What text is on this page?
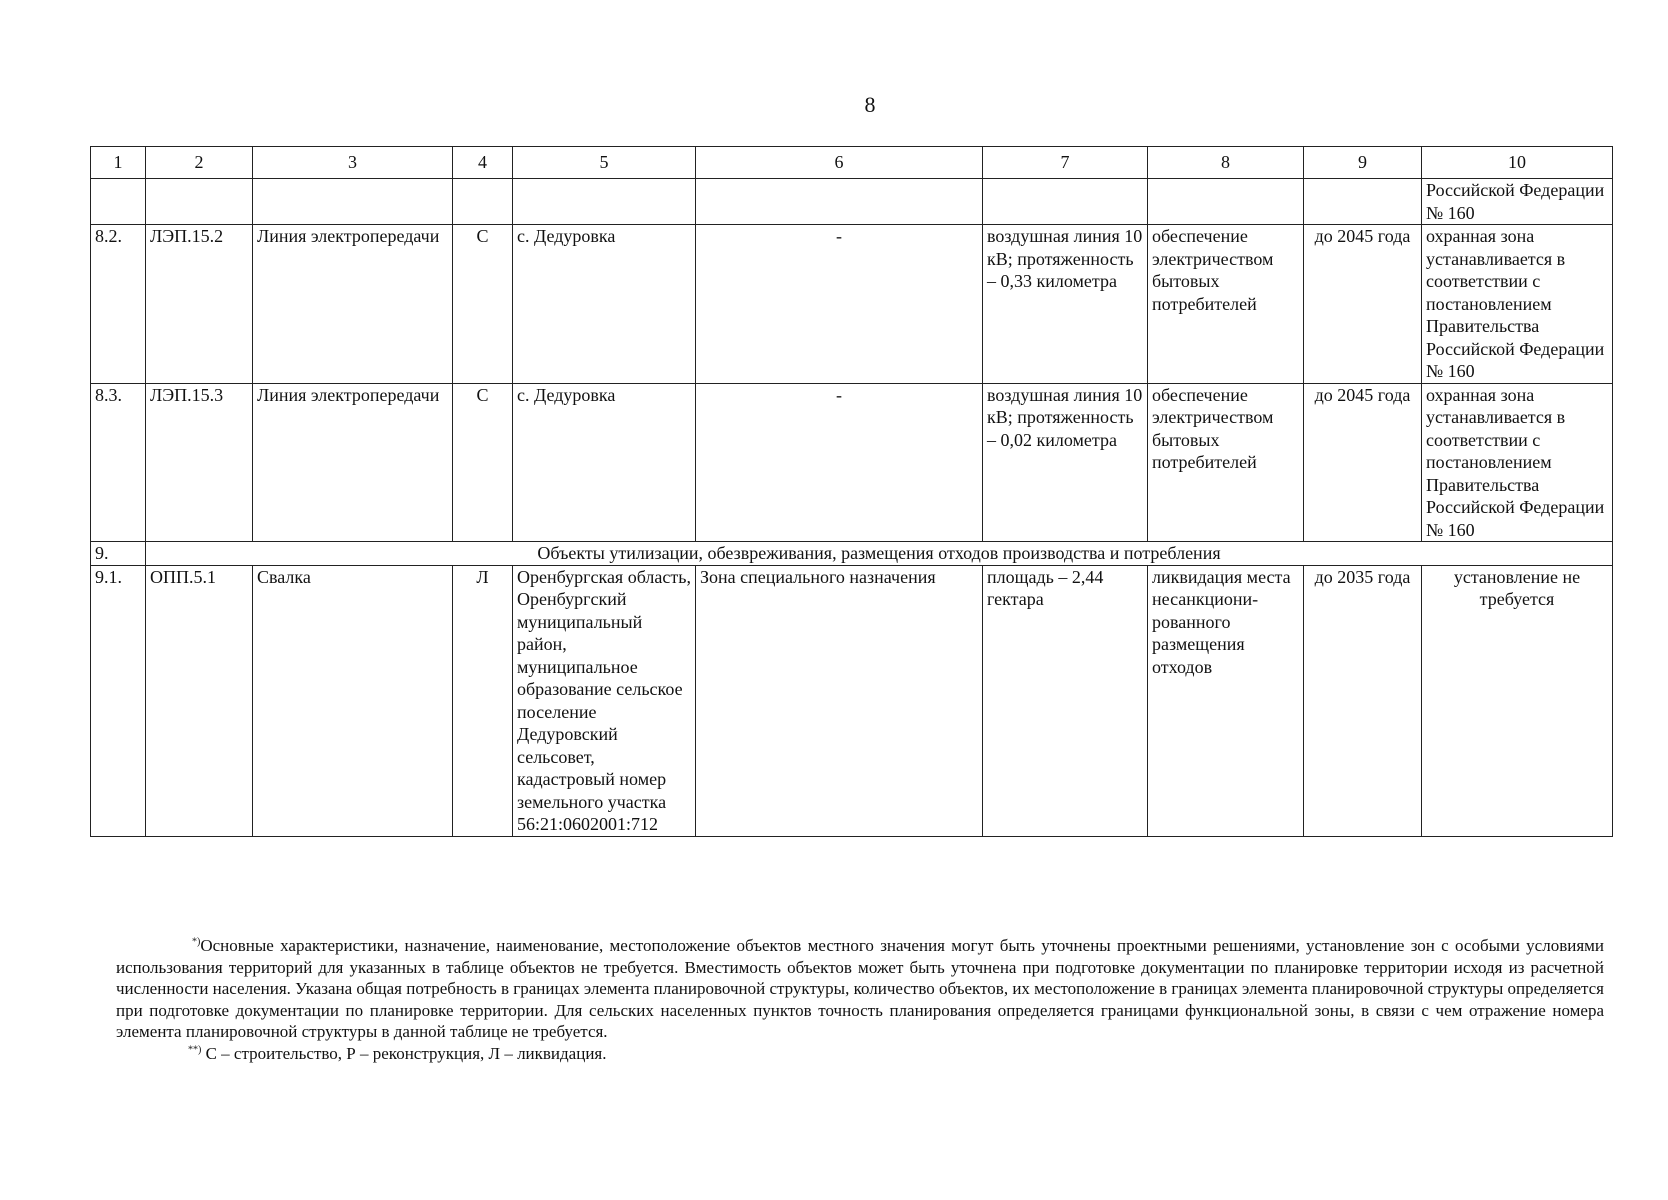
8
1	2	3	4	5	6	7	8	9	10
									Российской Федерации № 160
8.2.	ЛЭП.15.2	Линия электропередачи	С	с. Дедуровка	-	воздушная линия 10 кВ; протяженность – 0,33 километра	обеспечение электричеством бытовых потребителей	до 2045 года	охранная зона устанавливается в соответствии с постановлением Правительства Российской Федерации № 160
8.3.	ЛЭП.15.3	Линия электропередачи	С	с. Дедуровка	-	воздушная линия 10 кВ; протяженность – 0,02 километра	обеспечение электричеством бытовых потребителей	до 2045 года	охранная зона устанавливается в соответствии с постановлением Правительства Российской Федерации № 160
9.	Объекты утилизации, обезвреживания, размещения отходов производства и потребления								
9.1.	ОПП.5.1	Свалка	Л	Оренбургская область, Оренбургский муниципальный район, муниципальное образование сельское поселение Дедуровский сельсовет, кадастровый номер земельного участка 56:21:0602001:712	Зона специального назначения	площадь – 2,44 гектара	ликвидация места несанкциони-рованного размещения отходов	до 2035 года	установление не требуется

*)Основные характеристики, назначение, наименование, местоположение объектов местного значения могут быть уточнены проектными решениями, установление зон с особыми условиями использования территорий для указанных в таблице объектов не требуется. Вместимость объектов может быть уточнена при подготовке документации по планировке территории исходя из расчетной численности населения. Указана общая потребность в границах элемента планировочной структуры, количество объектов, их местоположение в границах элемента планировочной структуры определяется при подготовке документации по планировке территории. Для сельских населенных пунктов точность планирования определяется границами функциональной зоны, в связи с чем отражение номера элемента планировочной структуры в данной таблице не требуется.

**) С – строительство, Р – реконструкция, Л – ликвидация.
